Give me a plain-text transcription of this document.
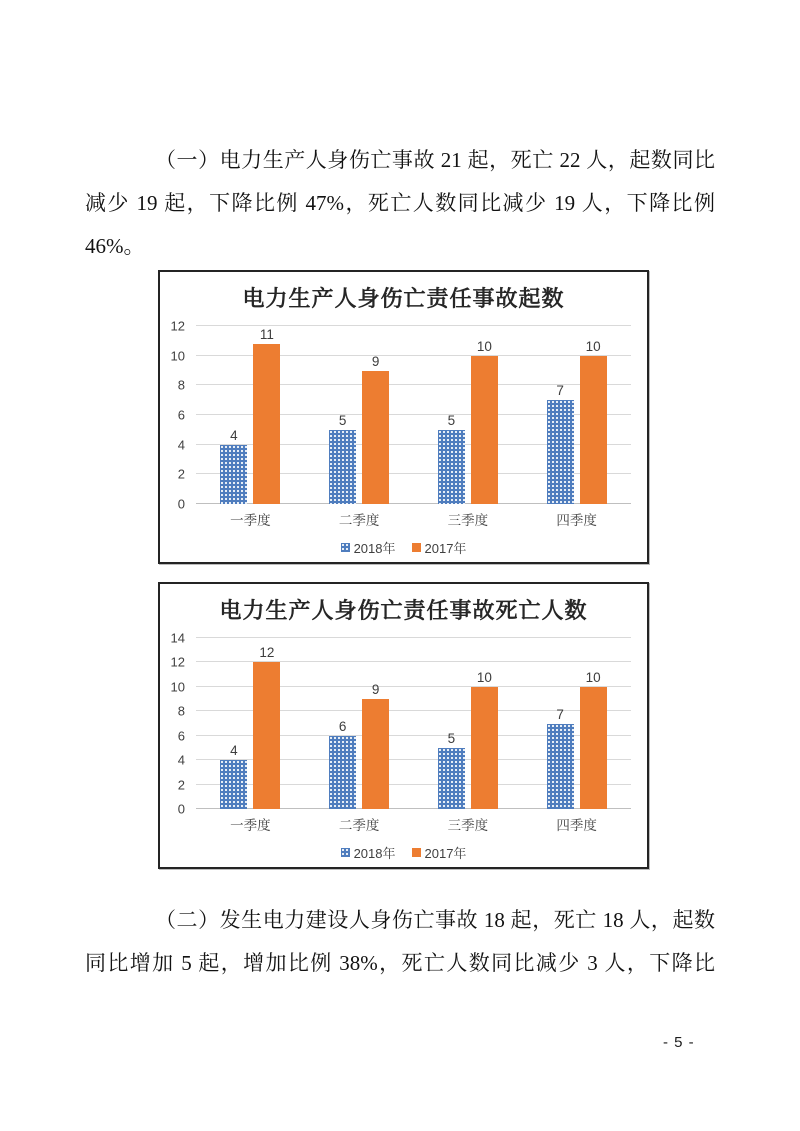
（一）电力生产人身伤亡事故 21 起，死亡 22 人，起数同比
减少 19 起，下降比例 47%，死亡人数同比减少 19 人，下降比例
46%。
电力生产人身伤亡责任事故起数
0
2
4
6
8
10
12
4
11
5
9
5
10
7
10
一季度	二季度	三季度	四季度
2018年 2017年
电力生产人身伤亡责任事故死亡人数
0
2
4
6
8
10
12
14
4
12
6
9
5
10
7
10
一季度	二季度	三季度	四季度
2018年 2017年
（二）发生电力建设人身伤亡事故 18 起，死亡 18 人，起数
同比增加 5 起，增加比例 38%，死亡人数同比减少 3 人，下降比
- 5 -
